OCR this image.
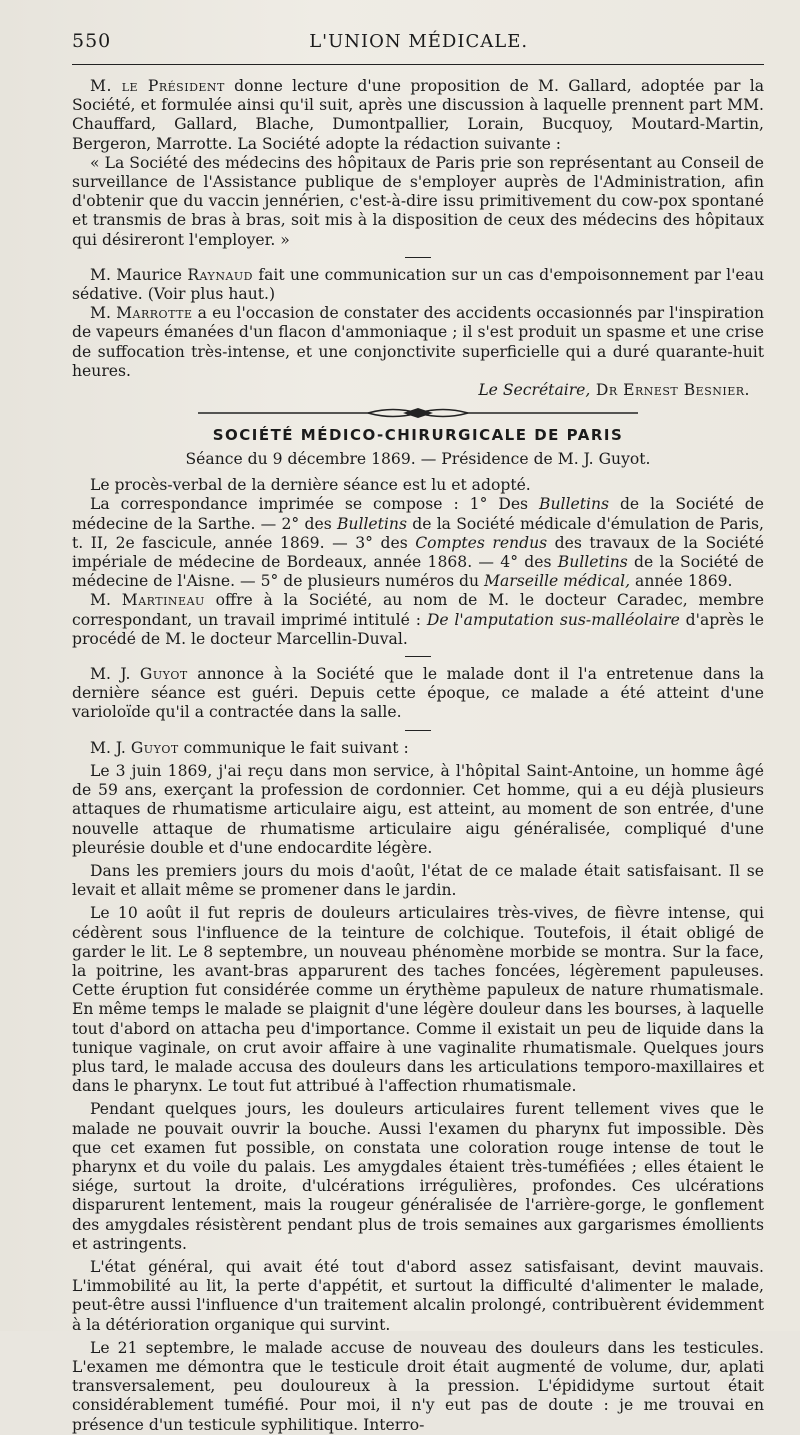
550	L'UNION MÉDICALE.

M. le Président donne lecture d'une proposition de M. Gallard, adoptée par la Société, et formulée ainsi qu'il suit, après une discussion à laquelle prennent part MM. Chauffard, Gallard, Blache, Dumontpallier, Lorain, Bucquoy, Moutard-Martin, Bergeron, Marrotte. La Société adopte la rédaction suivante :

« La Société des médecins des hôpitaux de Paris prie son représentant au Conseil de surveillance de l'Assistance publique de s'employer auprès de l'Administration, afin d'obtenir que du vaccin jennérien, c'est-à-dire issu primitivement du cow-pox spontané et transmis de bras à bras, soit mis à la disposition de ceux des médecins des hôpitaux qui désireront l'employer. »

M. Maurice Raynaud fait une communication sur un cas d'empoisonnement par l'eau sédative. (Voir plus haut.)

M. Marrotte a eu l'occasion de constater des accidents occasionnés par l'inspiration de vapeurs émanées d'un flacon d'ammoniaque ; il s'est produit un spasme et une crise de suffocation très-intense, et une conjonctivite superficielle qui a duré quarante-huit heures.

Le Secrétaire, Dr Ernest Besnier.

SOCIÉTÉ MÉDICO-CHIRURGICALE DE PARIS
Séance du 9 décembre 1869. — Présidence de M. J. Guyot.

Le procès-verbal de la dernière séance est lu et adopté.

La correspondance imprimée se compose : 1° Des Bulletins de la Société de médecine de la Sarthe. — 2° des Bulletins de la Société médicale d'émulation de Paris, t. II, 2e fascicule, année 1869. — 3° des Comptes rendus des travaux de la Société impériale de médecine de Bordeaux, année 1868. — 4° des Bulletins de la Société de médecine de l'Aisne. — 5° de plusieurs numéros du Marseille médical, année 1869.

M. Martineau offre à la Société, au nom de M. le docteur Caradec, membre correspondant, un travail imprimé intitulé : De l'amputation sus-malléolaire d'après le procédé de M. le docteur Marcellin-Duval.

M. J. Guyot annonce à la Société que le malade dont il l'a entretenue dans la dernière séance est guéri. Depuis cette époque, ce malade a été atteint d'une varioloïde qu'il a contractée dans la salle.

M. J. Guyot communique le fait suivant :

Le 3 juin 1869, j'ai reçu dans mon service, à l'hôpital Saint-Antoine, un homme âgé de 59 ans, exerçant la profession de cordonnier. Cet homme, qui a eu déjà plusieurs attaques de rhumatisme articulaire aigu, est atteint, au moment de son entrée, d'une nouvelle attaque de rhumatisme articulaire aigu généralisée, compliqué d'une pleurésie double et d'une endocardite légère.

Dans les premiers jours du mois d'août, l'état de ce malade était satisfaisant. Il se levait et allait même se promener dans le jardin.

Le 10 août il fut repris de douleurs articulaires très-vives, de fièvre intense, qui cédèrent sous l'influence de la teinture de colchique. Toutefois, il était obligé de garder le lit. Le 8 septembre, un nouveau phénomène morbide se montra. Sur la face, la poitrine, les avant-bras apparurent des taches foncées, légèrement papuleuses. Cette éruption fut considérée comme un érythème papuleux de nature rhumatismale. En même temps le malade se plaignit d'une légère douleur dans les bourses, à laquelle tout d'abord on attacha peu d'importance. Comme il existait un peu de liquide dans la tunique vaginale, on crut avoir affaire à une vaginalite rhumatismale. Quelques jours plus tard, le malade accusa des douleurs dans les articulations temporo-maxillaires et dans le pharynx. Le tout fut attribué à l'affection rhumatismale.

Pendant quelques jours, les douleurs articulaires furent tellement vives que le malade ne pouvait ouvrir la bouche. Aussi l'examen du pharynx fut impossible. Dès que cet examen fut possible, on constata une coloration rouge intense de tout le pharynx et du voile du palais. Les amygdales étaient très-tuméfiées ; elles étaient le siége, surtout la droite, d'ulcérations irrégulières, profondes. Ces ulcérations disparurent lentement, mais la rougeur généralisée de l'arrière-gorge, le gonflement des amygdales résistèrent pendant plus de trois semaines aux gargarismes émollients et astringents.

L'état général, qui avait été tout d'abord assez satisfaisant, devint mauvais. L'immobilité au lit, la perte d'appétit, et surtout la difficulté d'alimenter le malade, peut-être aussi l'influence d'un traitement alcalin prolongé, contribuèrent évidemment à la détérioration organique qui survint.

Le 21 septembre, le malade accuse de nouveau des douleurs dans les testicules. L'examen me démontra que le testicule droit était augmenté de volume, dur, aplati transversalement, peu douloureux à la pression. L'épididyme surtout était considérablement tuméfié. Pour moi, il n'y eut pas de doute : je me trouvai en présence d'un testicule syphilitique. Interro-
